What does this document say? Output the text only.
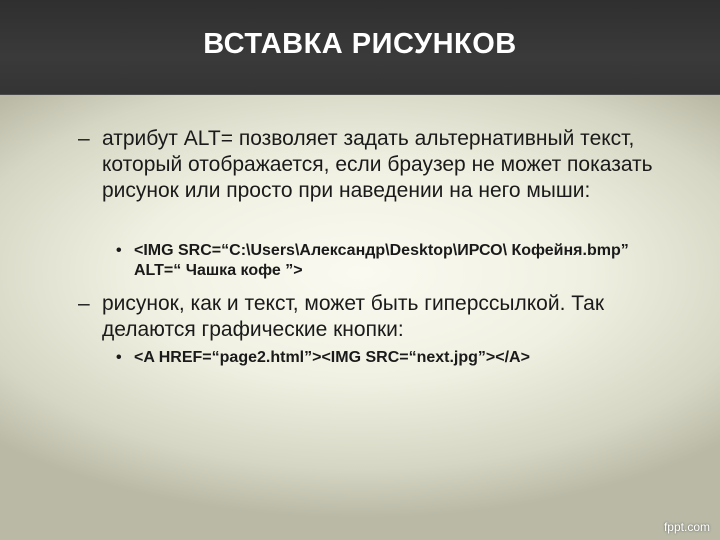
ВСТАВКА РИСУНКОВ
– атрибут ALT= позволяет задать альтернативный текст, который отображается, если браузер не может показать рисунок или просто при наведении на него мыши:
• <IMG SRC=“C:\Users\Александр\Desktop\ИРСО\ Кофейня.bmp” ALT=“ Чашка кофе ”>
– рисунок, как и текст, может быть гиперссылкой. Так делаются графические кнопки:
• <A HREF=“page2.html”><IMG SRC=“next.jpg”></A>
fppt.com
